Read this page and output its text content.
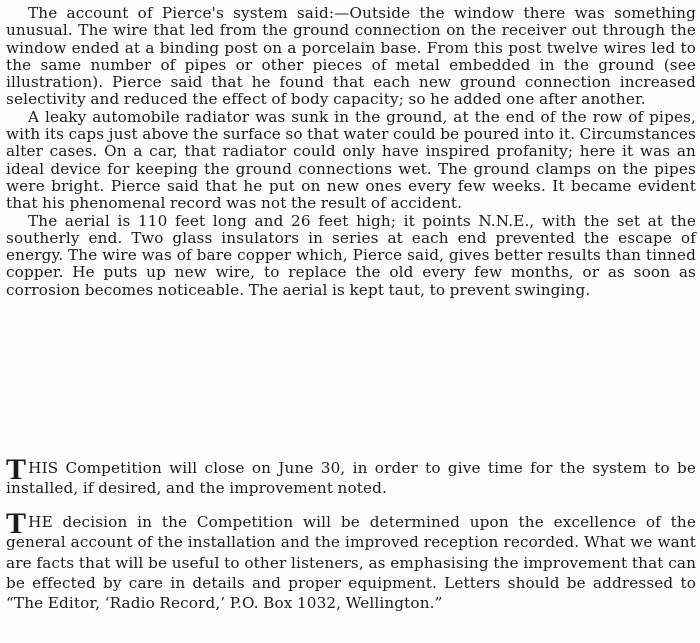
The account of Pierce's system said:—Outside the window there was something unusual. The wire that led from the ground connection on the receiver out through the window ended at a binding post on a porcelain base. From this post twelve wires led to the same number of pipes or other pieces of metal embedded in the ground (see illustration). Pierce said that he found that each new ground connection increased selectivity and reduced the effect of body capacity; so he added one after another.
A leaky automobile radiator was sunk in the ground, at the end of the row of pipes, with its caps just above the surface so that water could be poured into it. Circumstances alter cases. On a car, that radiator could only have inspired profanity; here it was an ideal device for keeping the ground connections wet. The ground clamps on the pipes were bright. Pierce said that he put on new ones every few weeks. It became evident that his phenomenal record was not the result of accident.
The aerial is 110 feet long and 26 feet high; it points N.N.E., with the set at the southerly end. Two glass insulators in series at each end prevented the escape of energy. The wire was of bare copper which, Pierce said, gives better results than tinned copper. He puts up new wire, to replace the old every few months, or as soon as corrosion becomes noticeable. The aerial is kept taut, to prevent swinging.
T HIS Competition will close on June 30, in order to give time for the system to be installed, if desired, and the improvement noted.
T HE decision in the Competition will be determined upon the excellence of the general account of the installation and the improved reception recorded. What we want are facts that will be useful to other listeners, as emphasising the improvement that can be effected by care in details and proper equipment. Letters should be addressed to “The Editor, ‘Radio Record,’ P.O. Box 1032, Wellington.”
